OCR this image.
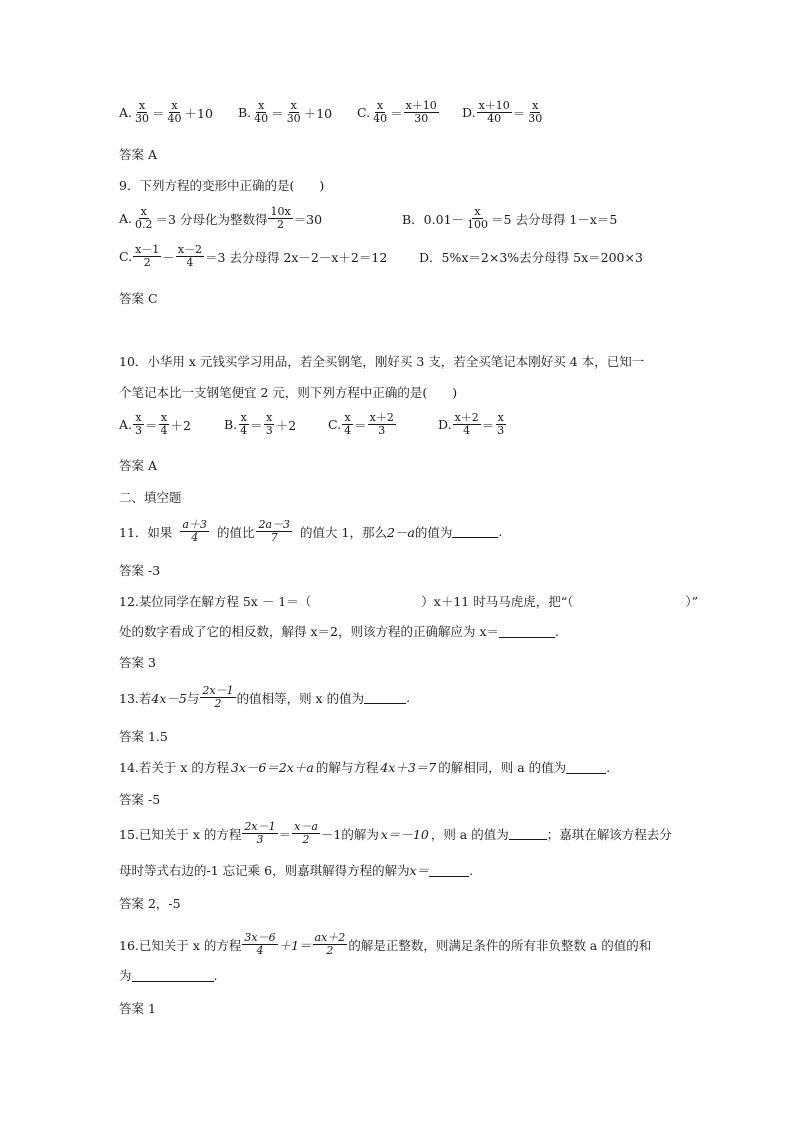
A. $\frac{x}{30} = \frac{x}{40} +10$ B. $\frac{x}{40} = \frac{x}{30} +10$ C. $\frac{x}{40} = \frac{x+10}{30} D$. $\frac{x+10}{40} = \frac{x}{30}$
答案 A
9．下列方程的变形中正确的是(　　)
A. $\frac{x}{0.2} =3$ 分母化为整数得 $\frac{10x}{2} =30$	B．$0.01- \frac{x}{100} =5$ 去分母得 1－x＝5
C. $\frac{x-1}{2} - \frac{x-2}{4} =3$ 去分母得 2x－2－x＋2＝12	D．5%x＝2×3%去分母得 5x＝200×3
答案 C
10．小华用 x 元钱买学习用品，若全买钢笔，刚好买 3 支，若全买笔记本刚好买 4 本，已知一
个笔记本比一支钢笔便宜 2 元，则下列方程中正确的是(　　)
A. $\frac{x}{3} = \frac{x}{4} +2$	B. $\frac{x}{4} = \frac{x}{3} +2$	C. $\frac{x}{4} = \frac{x+2}{3}$	D. $\frac{x+2}{4} = \frac{x}{3}$
答案 A
二、填空题
11．如果 $\frac{a+3}{4}$ 的值比 $\frac{2a-3}{7}$ 的值大 1，那么 2－a 的值为	.
答案 -3
12.某位同学在解方程 5x － 1＝（	）x＋11 时马马虎虎，把“（	）”
处的数字看成了它的相反数，解得 x＝2，则该方程的正确解应为 x＝	.
答案 3
13.若 4x－5 与 $\frac{2x-1}{2}$ 的值相等，则 x 的值为	.
答案 1.5
14.若关于 x 的方程 3x－6＝2x＋a 的解与方程 4x＋3＝7 的解相同，则 a 的值为	.
答案 -5
15.已知关于 x 的方程 $\frac{2x-1}{3} = \frac{x-a}{2} -1$ 的解为 x＝－10 ，则 a 的值为	；嘉琪在解该方程去分
母时等式右边的-1 忘记乘 6，则嘉琪解得方程的解为 x＝	.
答案 2，-5
16.已知关于 x 的方程 $\frac{3x-6}{4} +1= \frac{ax+2}{2}$ 的解是正整数，则满足条件的所有非负整数 a 的值的和
为	.
答案 1
